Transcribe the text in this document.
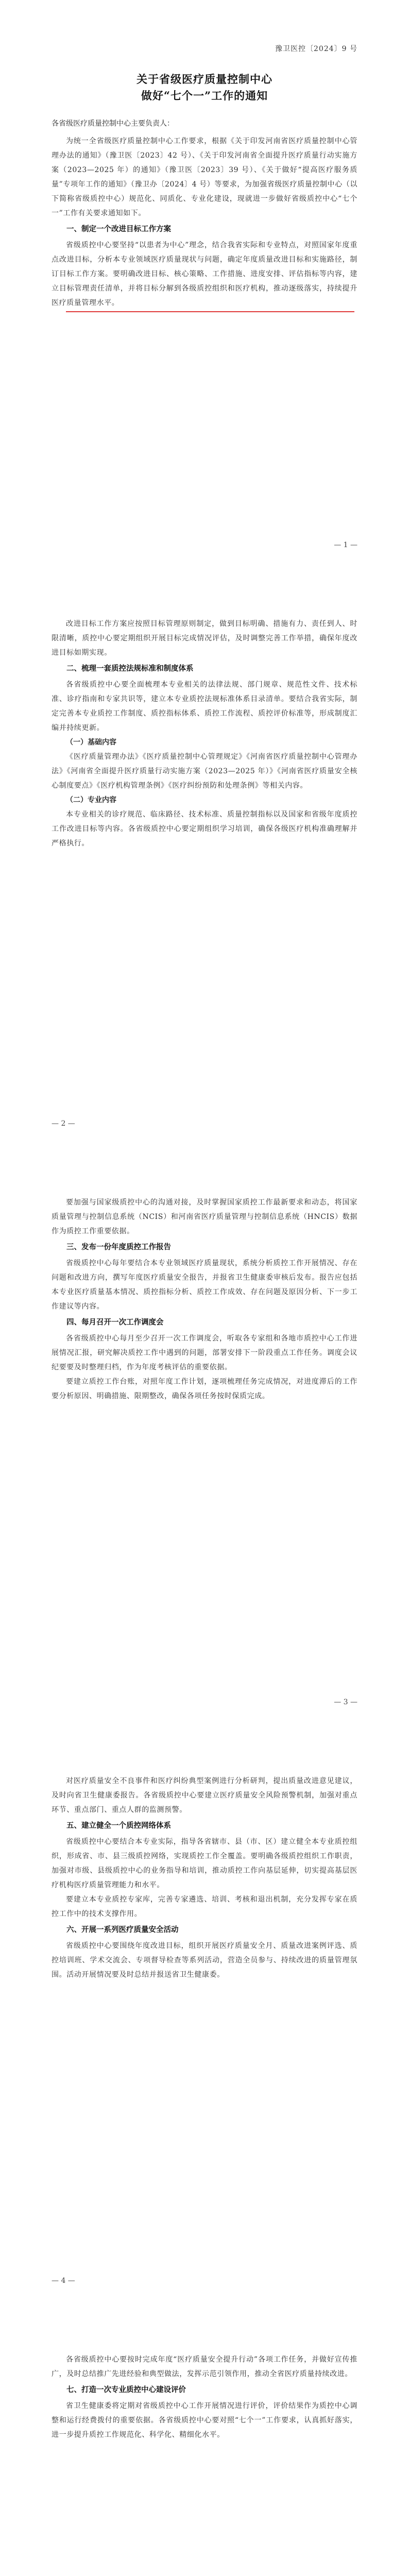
豫卫医控〔2024〕9 号
关于省级医疗质量控制中心
做好“七个一”工作的通知
各省级医疗质量控制中心主要负责人：

为统一全省级医疗质量控制中心工作要求，根据《关于印发河南省医疗质量控制中心管理办法的通知》（豫卫医〔2023〕42 号）、《关于印发河南省全面提升医疗质量行动实施方案（2023—2025 年）的通知》（豫卫医〔2023〕39 号）、《关于做好“提高医疗服务质量”专项年工作的通知》（豫卫办〔2024〕4 号）等要求，为加强省级医疗质量控制中心（以下简称省级质控中心）规范化、同质化、专业化建设，现就进一步做好省级质控中心“七个一”工作有关要求通知如下。

一、制定一个改进目标工作方案

省级质控中心要坚持“以患者为中心”理念，结合我省实际和专业特点，对照国家年度重点改进目标，分析本专业领域医疗质量现状与问题，确定年度质量改进目标和实施路径，制订目标工作方案。要明确改进目标、核心策略、工作措施、进度安排、评估指标等内容，建立目标管理责任清单，并将目标分解到各级质控组织和医疗机构，推动逐级落实，持续提升医疗质量管理水平。

— 1 —

改进目标工作方案应按照目标管理原则制定，做到目标明确、措施有力、责任到人、时限清晰，质控中心要定期组织开展目标完成情况评估，及时调整完善工作举措，确保年度改进目标如期实现。

二、梳理一套质控法规标准和制度体系

各省级质控中心要全面梳理本专业相关的法律法规、部门规章、规范性文件、技术标准、诊疗指南和专家共识等，建立本专业质控法规标准体系目录清单。要结合我省实际，制定完善本专业质控工作制度、质控指标体系、质控工作流程、质控评价标准等，形成制度汇编并持续更新。

（一）基础内容

《医疗质量管理办法》《医疗质量控制中心管理规定》《河南省医疗质量控制中心管理办法》《河南省全面提升医疗质量行动实施方案（2023—2025 年）》《河南省医疗质量安全核心制度要点》《医疗机构管理条例》《医疗纠纷预防和处理条例》等相关内容。

（二）专业内容

本专业相关的诊疗规范、临床路径、技术标准、质量控制指标以及国家和省级年度质控工作改进目标等内容。各省级质控中心要定期组织学习培训，确保各级医疗机构准确理解并严格执行。

— 2 —

要加强与国家级质控中心的沟通对接，及时掌握国家质控工作最新要求和动态，将国家质量管理与控制信息系统（NCIS）和河南省医疗质量管理与控制信息系统（HNCIS）数据作为质控工作重要依据。

三、发布一份年度质控工作报告

省级质控中心每年要结合本专业领域医疗质量现状，系统分析质控工作开展情况、存在问题和改进方向，撰写年度医疗质量安全报告，并报省卫生健康委审核后发布。报告应包括本专业医疗质量基本情况、质控指标分析、质控工作成效、存在问题及原因分析、下一步工作建议等内容。

四、每月召开一次工作调度会

各省级质控中心每月至少召开一次工作调度会，听取各专家组和各地市质控中心工作进展情况汇报，研究解决质控工作中遇到的问题，部署安排下一阶段重点工作任务。调度会议纪要要及时整理归档，作为年度考核评估的重要依据。

要建立质控工作台账，对照年度工作计划，逐项梳理任务完成情况，对进度滞后的工作要分析原因、明确措施、限期整改，确保各项任务按时保质完成。

— 3 —

对医疗质量安全不良事件和医疗纠纷典型案例进行分析研判，提出质量改进意见建议，及时向省卫生健康委报告。各省级质控中心要建立医疗质量安全风险预警机制，加强对重点环节、重点部门、重点人群的监测预警。

五、建立健全一个质控网络体系

省级质控中心要结合本专业实际，指导各省辖市、县（市、区）建立健全本专业质控组织，形成省、市、县三级质控网络，实现质控工作全覆盖。要明确各级质控组织工作职责，加强对市级、县级质控中心的业务指导和培训，推动质控工作向基层延伸，切实提高基层医疗机构医疗质量管理能力和水平。

要建立本专业质控专家库，完善专家遴选、培训、考核和退出机制，充分发挥专家在质控工作中的技术支撑作用。

六、开展一系列医疗质量安全活动

省级质控中心要围绕年度改进目标，组织开展医疗质量安全月、质量改进案例评选、质控培训班、学术交流会、专项督导检查等系列活动，营造全员参与、持续改进的质量管理氛围。活动开展情况要及时总结并报送省卫生健康委。

— 4 —

各省级质控中心要按时完成年度“医疗质量安全提升行动”各项工作任务，并做好宣传推广，及时总结推广先进经验和典型做法，发挥示范引领作用，推动全省医疗质量持续改进。

七、打造一次专业质控中心建设评价

省卫生健康委将定期对省级质控中心工作开展情况进行评价，评价结果作为质控中心调整和运行经费拨付的重要依据。各省级质控中心要对照“七个一”工作要求，认真抓好落实，进一步提升质控工作规范化、科学化、精细化水平。
